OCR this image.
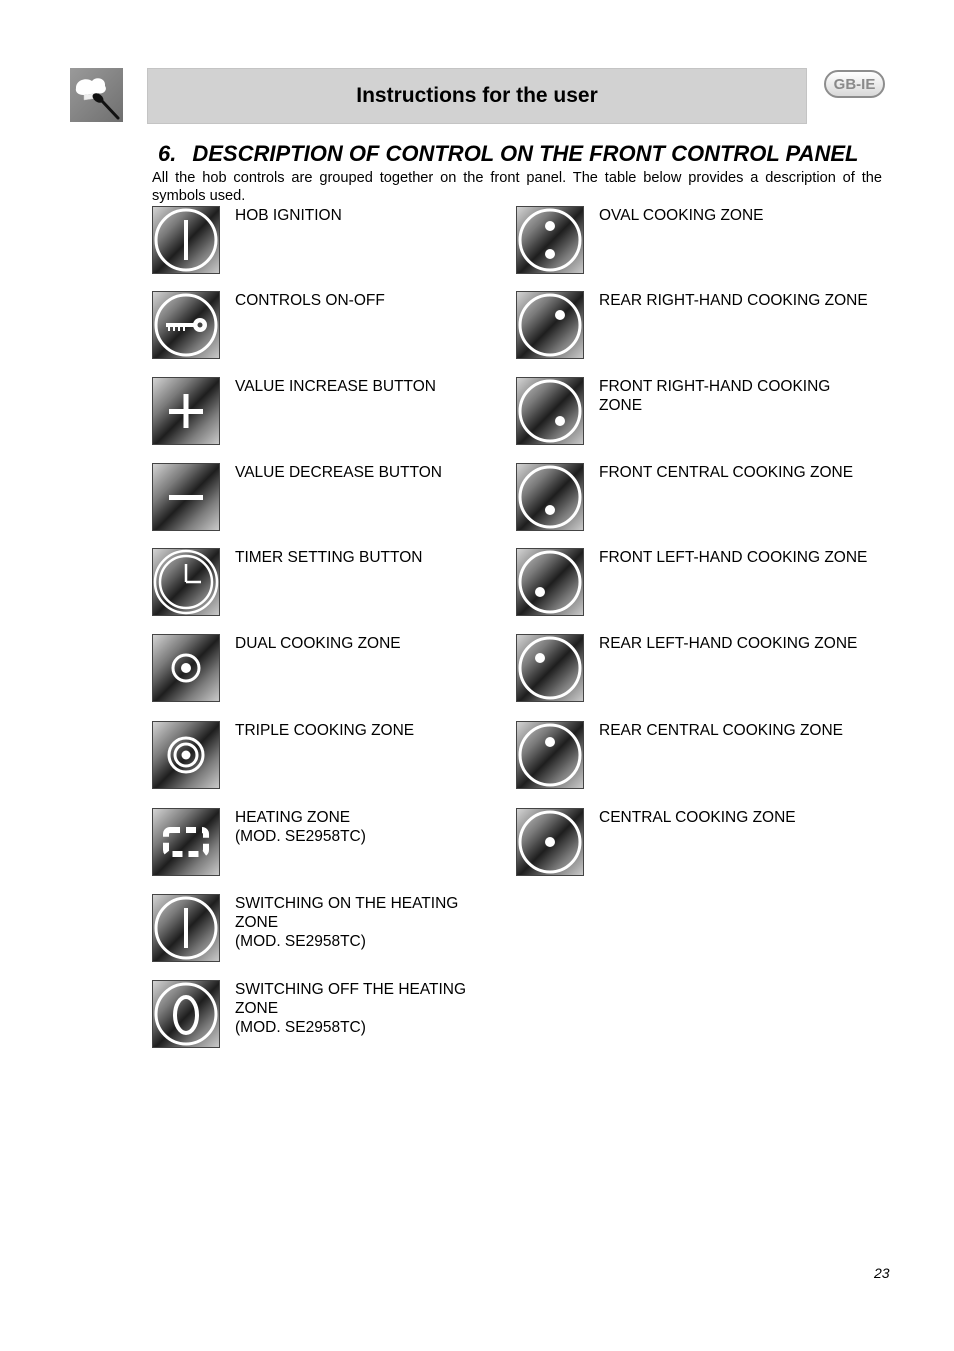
Instructions for the user	GB-IE
6. DESCRIPTION OF CONTROL ON THE FRONT CONTROL PANEL

All the hob controls are grouped together on the front panel. The table below provides a description of the symbols used.

HOB IGNITION
CONTROLS ON-OFF
VALUE INCREASE BUTTON
VALUE DECREASE BUTTON
TIMER SETTING BUTTON
DUAL COOKING ZONE
TRIPLE COOKING ZONE
HEATING ZONE
(MOD. SE2958TC)
SWITCHING ON THE HEATING
ZONE
(MOD. SE2958TC)
SWITCHING OFF THE HEATING
ZONE
(MOD. SE2958TC)
OVAL COOKING ZONE
REAR RIGHT-HAND COOKING ZONE
FRONT RIGHT-HAND COOKING
ZONE
FRONT CENTRAL COOKING ZONE
FRONT LEFT-HAND COOKING ZONE
REAR LEFT-HAND COOKING ZONE
REAR CENTRAL COOKING ZONE
CENTRAL COOKING ZONE
23
